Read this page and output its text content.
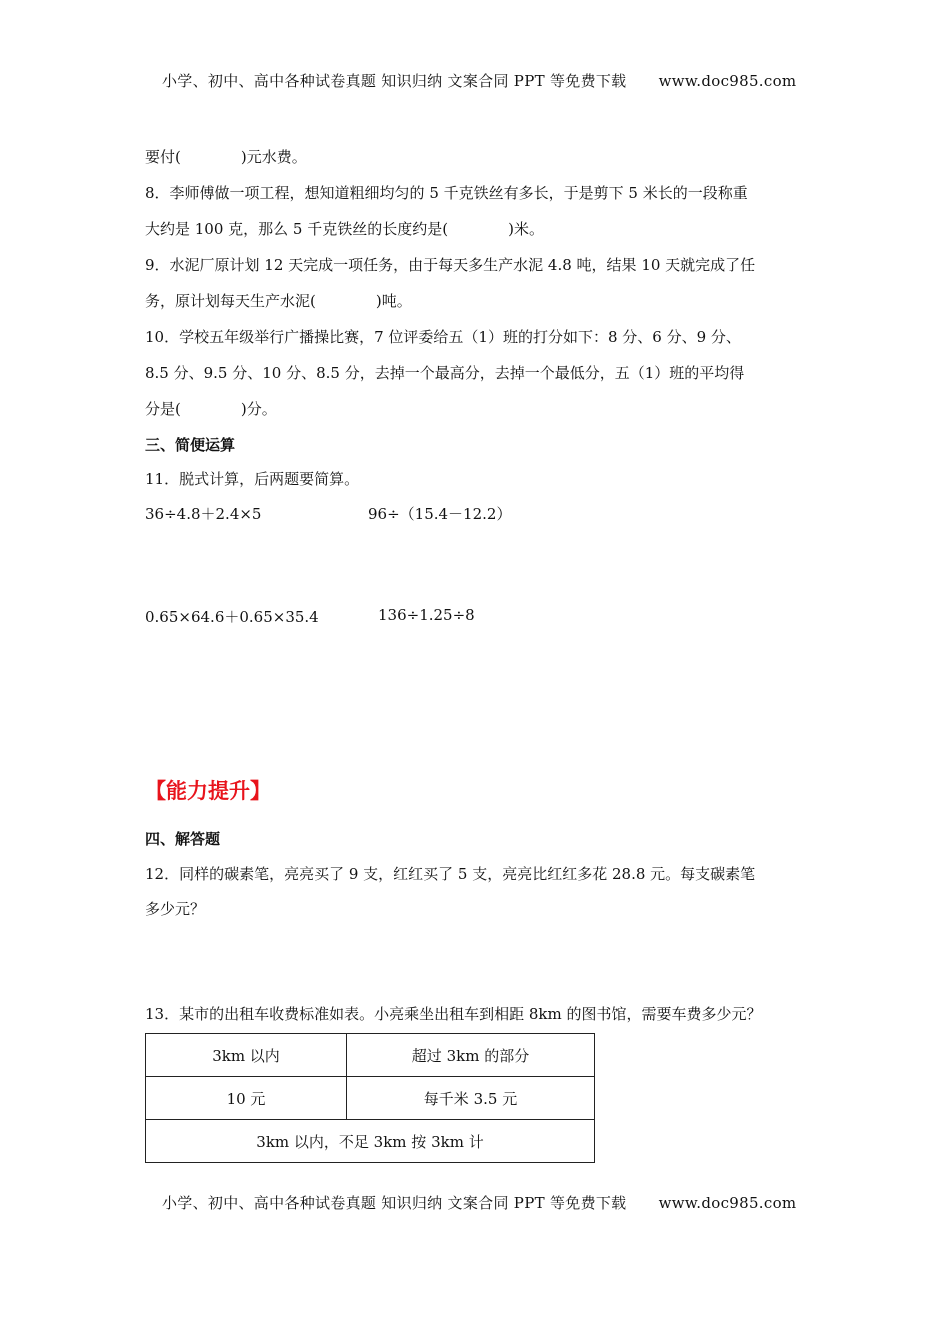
小学、初中、高中各种试卷真题 知识归纳 文案合同 PPT 等免费下载 www.doc985.com
要付(	)元水费。
8．李师傅做一项工程，想知道粗细均匀的 5 千克铁丝有多长，于是剪下 5 米长的一段称重
大约是 100 克，那么 5 千克铁丝的长度约是(	)米。
9．水泥厂原计划 12 天完成一项任务，由于每天多生产水泥 4.8 吨，结果 10 天就完成了任
务，原计划每天生产水泥(	)吨。
10．学校五年级举行广播操比赛，7 位评委给五（1）班的打分如下：8 分、6 分、9 分、
8.5 分、9.5 分、10 分、8.5 分，去掉一个最高分，去掉一个最低分，五（1）班的平均得
分是(	)分。
三、简便运算
11．脱式计算，后两题要简算。
36÷4.8＋2.4×5	96÷（15.4－12.2）
0.65×64.6＋0.65×35.4	136÷1.25÷8
【能力提升】
四、解答题
12．同样的碳素笔，亮亮买了 9 支，红红买了 5 支，亮亮比红红多花 28.8 元。每支碳素笔
多少元？
13．某市的出租车收费标准如表。小亮乘坐出租车到相距 8km 的图书馆，需要车费多少元？
3km 以内	超过 3km 的部分
10 元	每千米 3.5 元
3km 以内，不足 3km 按 3km 计	
小学、初中、高中各种试卷真题 知识归纳 文案合同 PPT 等免费下载 www.doc985.com
